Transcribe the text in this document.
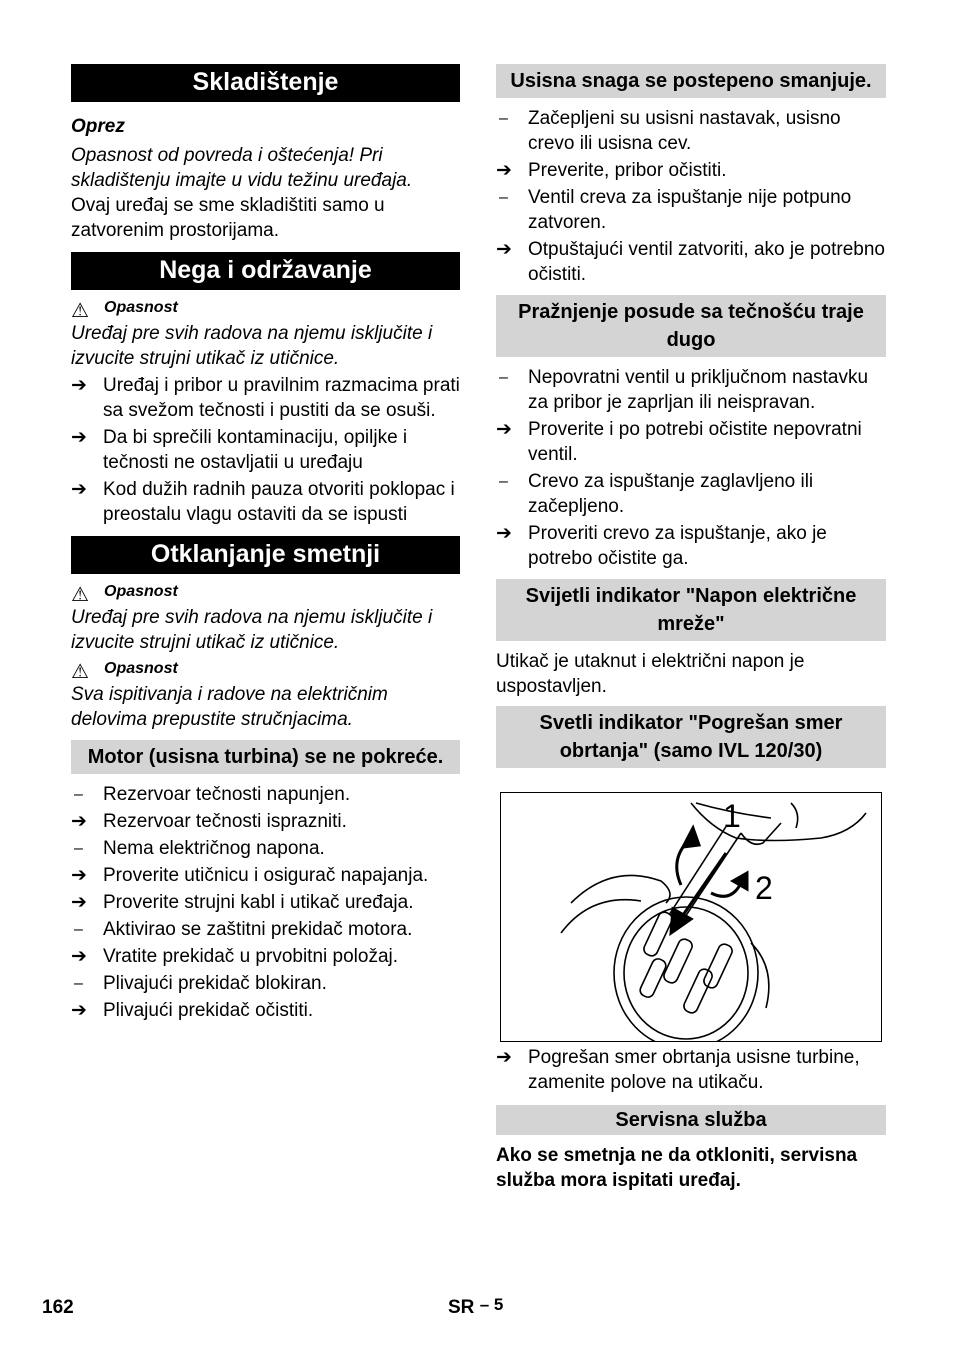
Skladištenje

Oprez

Opasnost od povreda i oštećenja! Pri skladištenju imajte u vidu težinu uređaja.

Ovaj uređaj se sme skladištiti samo u zatvorenim prostorijama.

Nega i održavanje
⚠ Opasnost

Uređaj pre svih radova na njemu isključite i izvucite strujni utikač iz utičnice.

➔ Uređaj i pribor u pravilnim razmacima prati sa svežom tečnosti i pustiti da se osuši.
➔ Da bi sprečili kontaminaciju, opiljke i tečnosti ne ostavljatii u uređaju
➔ Kod dužih radnih pauza otvoriti poklopac i preostalu vlagu ostaviti da se ispusti
Otklanjanje smetnji
⚠ Opasnost

Uređaj pre svih radova na njemu isključite i izvucite strujni utikač iz utičnice.

⚠ Opasnost

Sva ispitivanja i radove na električnim delovima prepustite stručnjacima.

Motor (usisna turbina) se ne pokreće.
–	Rezervoar tečnosti napunjen.
➔ Rezervoar tečnosti isprazniti.
–	Nema električnog napona.
➔ Proverite utičnicu i osigurač napajanja.
➔ Proverite strujni kabl i utikač uređaja.
–	Aktivirao se zaštitni prekidač motora.
➔ Vratite prekidač u prvobitni položaj.
–	Plivajući prekidač blokiran.
➔ Plivajući prekidač očistiti.
Usisna snaga se postepeno smanjuje.
–	Začepljeni su usisni nastavak, usisno crevo ili usisna cev.
➔ Preverite, pribor očistiti.
–	Ventil creva za ispuštanje nije potpuno zatvoren.
➔ Otpuštajući ventil zatvoriti, ako je potrebno očistiti.
Pražnjenje posude sa tečnošću traje dugo
–	Nepovratni ventil u priključnom nastavku za pribor je zaprljan ili neispravan.
➔ Proverite i po potrebi očistite nepovratni ventil.
–	Crevo za ispuštanje zaglavljeno ili začepljeno.
➔ Proveriti crevo za ispuštanje, ako je potrebo očistite ga.
Svijetli indikator "Napon električne mreže"

Utikač je utaknut i električni napon je uspostavljen.

Svetli indikator "Pogrešan smer obrtanja" (samo IVL 120/30)
1
2
➔ Pogrešan smer obrtanja usisne turbine, zamenite polove na utikaču.
Servisna služba

Ako se smetnja ne da otkloniti, servisna služba mora ispitati uređaj.

162	SR – 5
